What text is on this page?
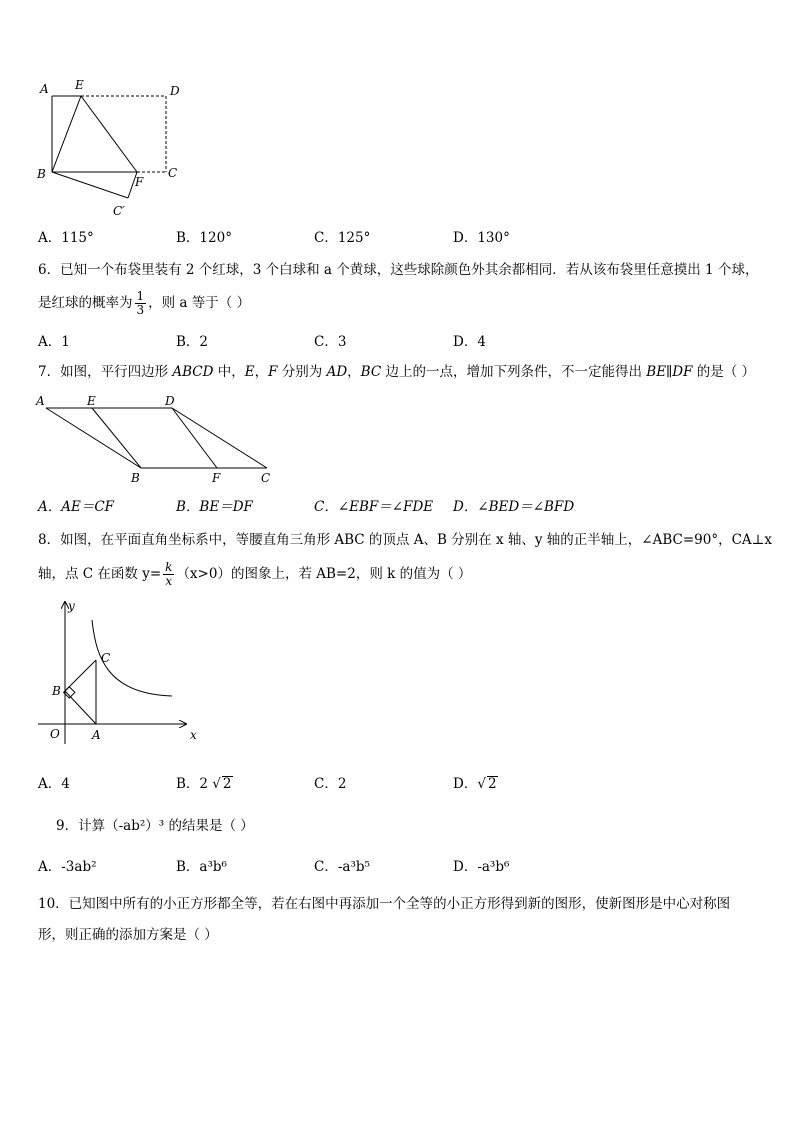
A E	D
B
F
C
C′
A．115°	B．120°	C．125°	D．130°
6．已知一个布袋里装有 2 个红球，3 个白球和 a 个黄球，这些球除颜色外其余都相同．若从该布袋里任意摸出 1 个球，
是红球的概率为 $\frac{1}{3}$ ，则 a 等于（ ）
A．1	B．2	C．3	D．4
7．如图，平行四边形 ABCD 中，E，F 分别为 AD，BC 边上的一点，增加下列条件，不一定能得出 BE∥DF 的是（ ）
A	E	D
B	F	C
A．AE＝CF	B．BE＝DF	C．∠EBF＝∠FDE D．∠BED＝∠BFD
8．如图，在平面直角坐标系中，等腰直角三角形 ABC 的顶点 A、B 分别在 x 轴、y 轴的正半轴上，∠ABC=90°，CA⊥x
轴，点 C 在函数 $y= \frac{k}{x} (x>0)$的图象上，若 AB=2，则 k 的值为（ ）
y
x
O	A
B
C
A．4	B．2 √ 2	C．2	D．√ 2
9．计算（-ab²）³ 的结果是（ ）
A．-3ab²	B．a³b⁶	C．-a³b⁵	D．-a³b⁶
10．已知图中所有的小正方形都全等，若在右图中再添加一个全等的小正方形得到新的图形，使新图形是中心对称图
形，则正确的添加方案是（ ）
